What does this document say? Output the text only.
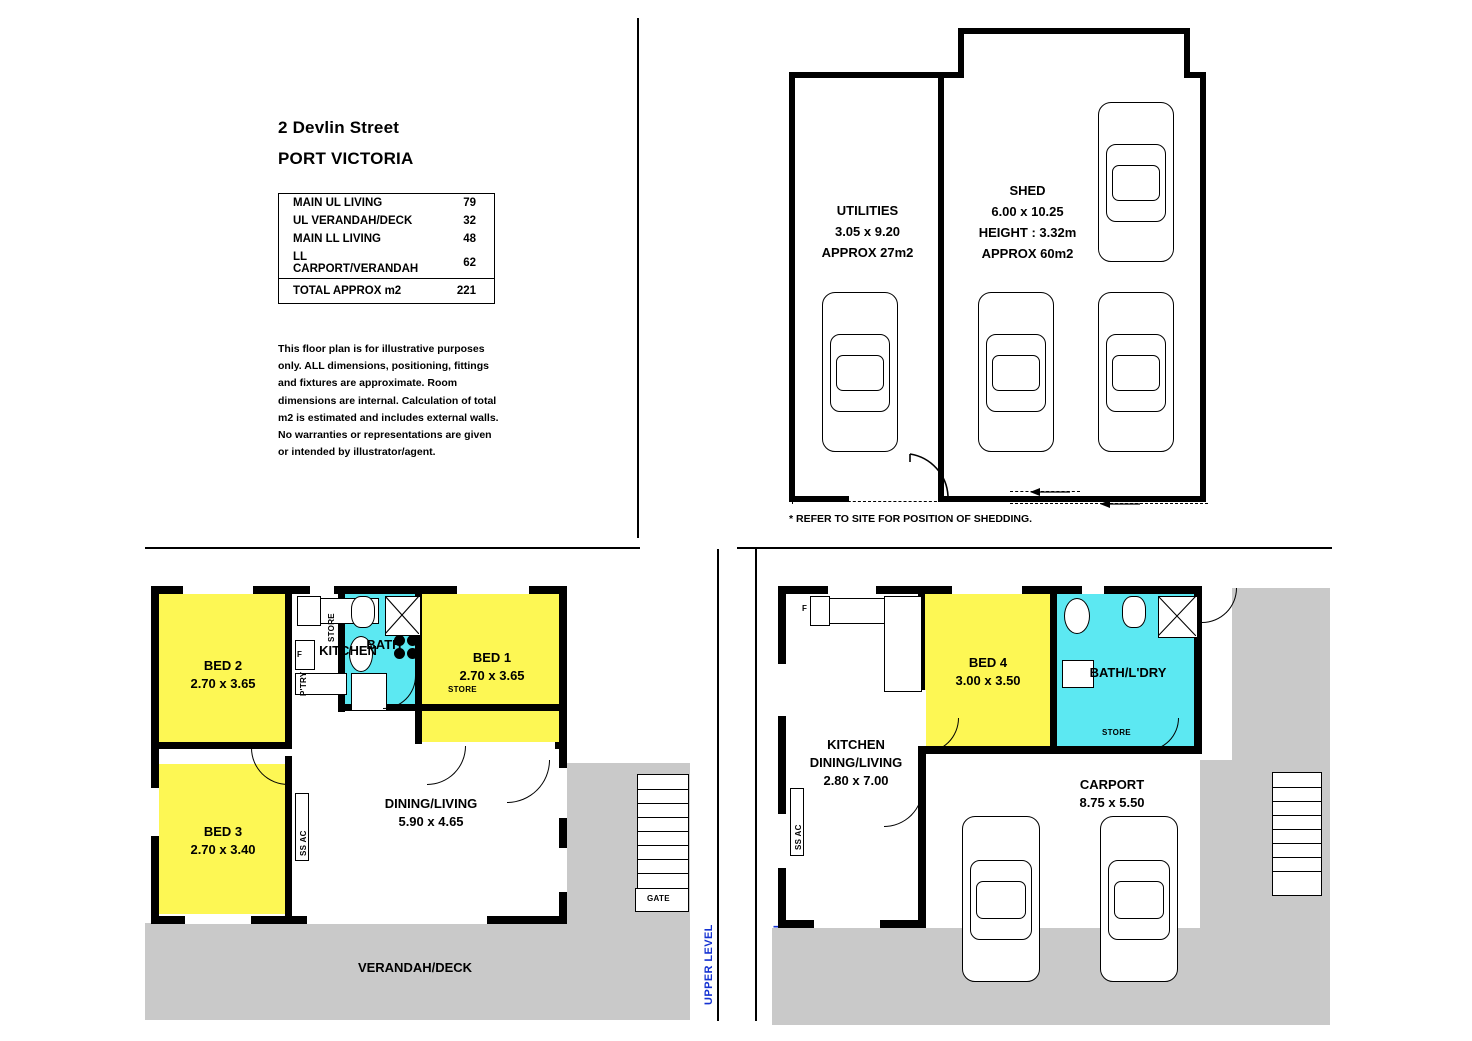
2 Devlin Street
PORT VICTORIA
MAIN UL LIVING	79
UL VERANDAH/DECK	32
MAIN LL LIVING	48
LL CARPORT/VERANDAH	62
TOTAL APPROX m2	221
This floor plan is for illustrative purposes only. ALL dimensions, positioning, fittings and fixtures are approximate. Room dimensions are internal. Calculation of total m2 is estimated and includes external walls. No warranties or representations are given or intended by illustrator/agent.
UTILITIES
3.05 x 9.20
APPROX 27m2
SHED
6.00 x 10.25
HEIGHT : 3.32m
APPROX 60m2
* REFER TO SITE FOR POSITION OF SHEDDING.
GATE
SS AC
STORE
STORE
F
P'TRY
BED 2
2.70 x 3.65
BED 3
2.70 x 3.40
BED 1
2.70 x 3.65
KITCHEN
BATH
DINING/LIVING
5.90 x 4.65
VERANDAH/DECK	UPPER LEVEL
F
SS AC
STORE
BED 4
3.00 x 3.50
BATH/L'DRY
KITCHEN
DINING/LIVING
2.80 x 7.00	CARPORT
8.75 x 5.50
